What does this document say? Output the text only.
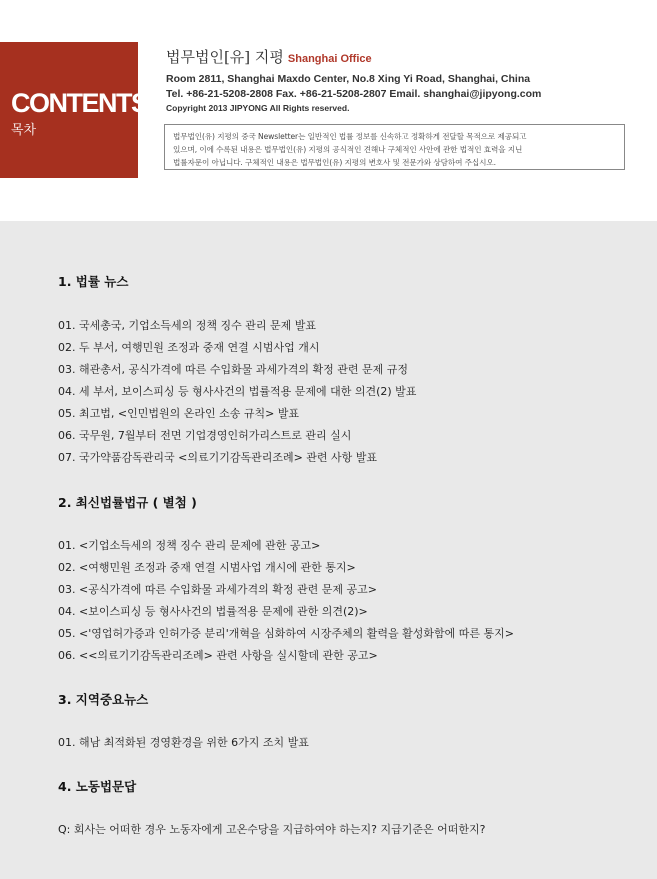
CONTENTS
목차
법무법인[유] 지평 Shanghai Office
Room 2811, Shanghai Maxdo Center, No.8 Xing Yi Road, Shanghai, China
Tel. +86-21-5208-2808 Fax. +86-21-5208-2807 Email. shanghai@jipyong.com
Copyright 2013 JIPYONG All Rights reserved.
법무법인(유) 지평의 중국 Newsletter는 일반적인 법률 정보를 신속하고 정확하게 전달할 목적으로 제공되고
있으며, 이에 수록된 내용은 법무법인(유) 지평의 공식적인 견해나 구체적인 사안에 관한 법적인 효력을 지닌
법률자문이 아닙니다. 구체적인 내용은 법무법인(유) 지평의 변호사 및 전문가와 상담하여 주십시오.
1. 법률 뉴스
01. 국세총국, 기업소득세의 정책 징수 관리 문제 발표
02. 두 부서, 여행민원 조정과 중재 연결 시범사업 개시
03. 해관총서, 공식가격에 따른 수입화물 과세가격의 확정 관련 문제 규정
04. 세 부서, 보이스피싱 등 형사사건의 법률적용 문제에 대한 의견(2) 발표
05. 최고법, <인민법원의 온라인 소송 규칙> 발표
06. 국무원, 7월부터 전면 기업경영인허가리스트로 관리 실시
07. 국가약품감독관리국 <의료기기감독관리조례> 관련 사항 발표
2. 최신법률법규 ( 별첨 )
01. <기업소득세의 정책 징수 관리 문제에 관한 공고>
02. <여행민원 조정과 중재 연결 시범사업 개시에 관한 통지>
03. <공식가격에 따른 수입화물 과세가격의 확정 관련 문제 공고>
04. <보이스피싱 등 형사사건의 법률적용 문제에 관한 의견(2)>
05. <'영업허가증과 인허가증 분리'개혁을 심화하여 시장주체의 활력을 활성화함에 따른 통지>
06. <<의료기기감독관리조례> 관련 사항을 실시할데 관한 공고>
3. 지역중요뉴스
01. 해남 최적화된 경영환경을 위한 6가지 조치 발표
4. 노동법문답
Q: 회사는 어떠한 경우 노동자에게 고온수당을 지급하여야 하는지? 지급기준은 어떠한지?
